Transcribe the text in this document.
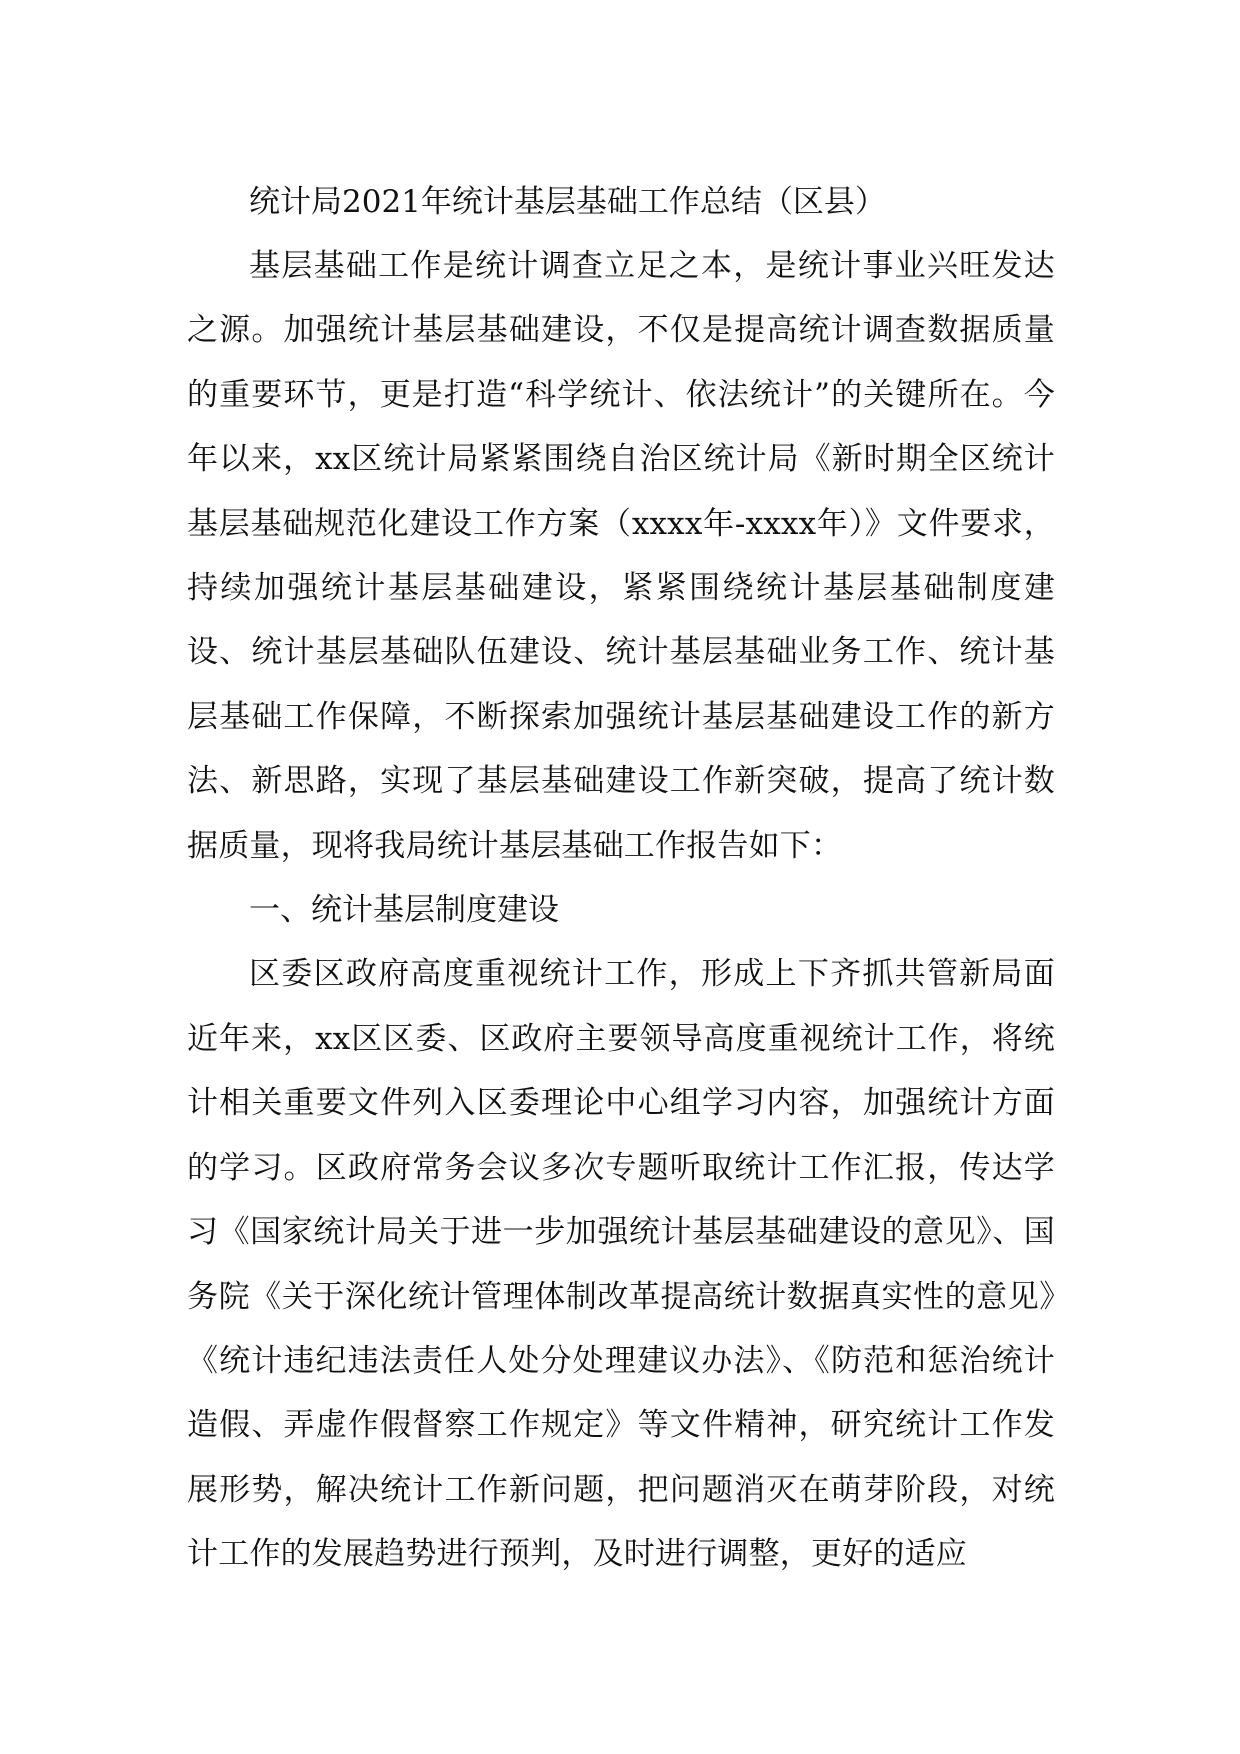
统计局2021年统计基层基础工作总结（区县）

基层基础工作是统计调查立足之本，是统计事业兴旺发达之源。加强统计基层基础建设，不仅是提高统计调查数据质量的重要环节，更是打造“科学统计、依法统计”的关键所在。今年以来，xx区统计局紧紧围绕自治区统计局《新时期全区统计基层基础规范化建设工作方案（xxxx年-xxxx年）》文件要求，持续加强统计基层基础建设，紧紧围绕统计基层基础制度建设、统计基层基础队伍建设、统计基层基础业务工作、统计基层基础工作保障，不断探索加强统计基层基础建设工作的新方法、新思路，实现了基层基础建设工作新突破，提高了统计数据质量，现将我局统计基层基础工作报告如下：

一、统计基层制度建设

区委区政府高度重视统计工作，形成上下齐抓共管新局面近年来，xx区区委、区政府主要领导高度重视统计工作，将统计相关重要文件列入区委理论中心组学习内容，加强统计方面的学习。区政府常务会议多次专题听取统计工作汇报，传达学习《国家统计局关于进一步加强统计基层基础建设的意见》、国务院《关于深化统计管理体制改革提高统计数据真实性的意见》《统计违纪违法责任人处分处理建议办法》、《防范和惩治统计造假、弄虚作假督察工作规定》等文件精神，研究统计工作发展形势，解决统计工作新问题，把问题消灭在萌芽阶段，对统计工作的发展趋势进行预判，及时进行调整，更好的适应
